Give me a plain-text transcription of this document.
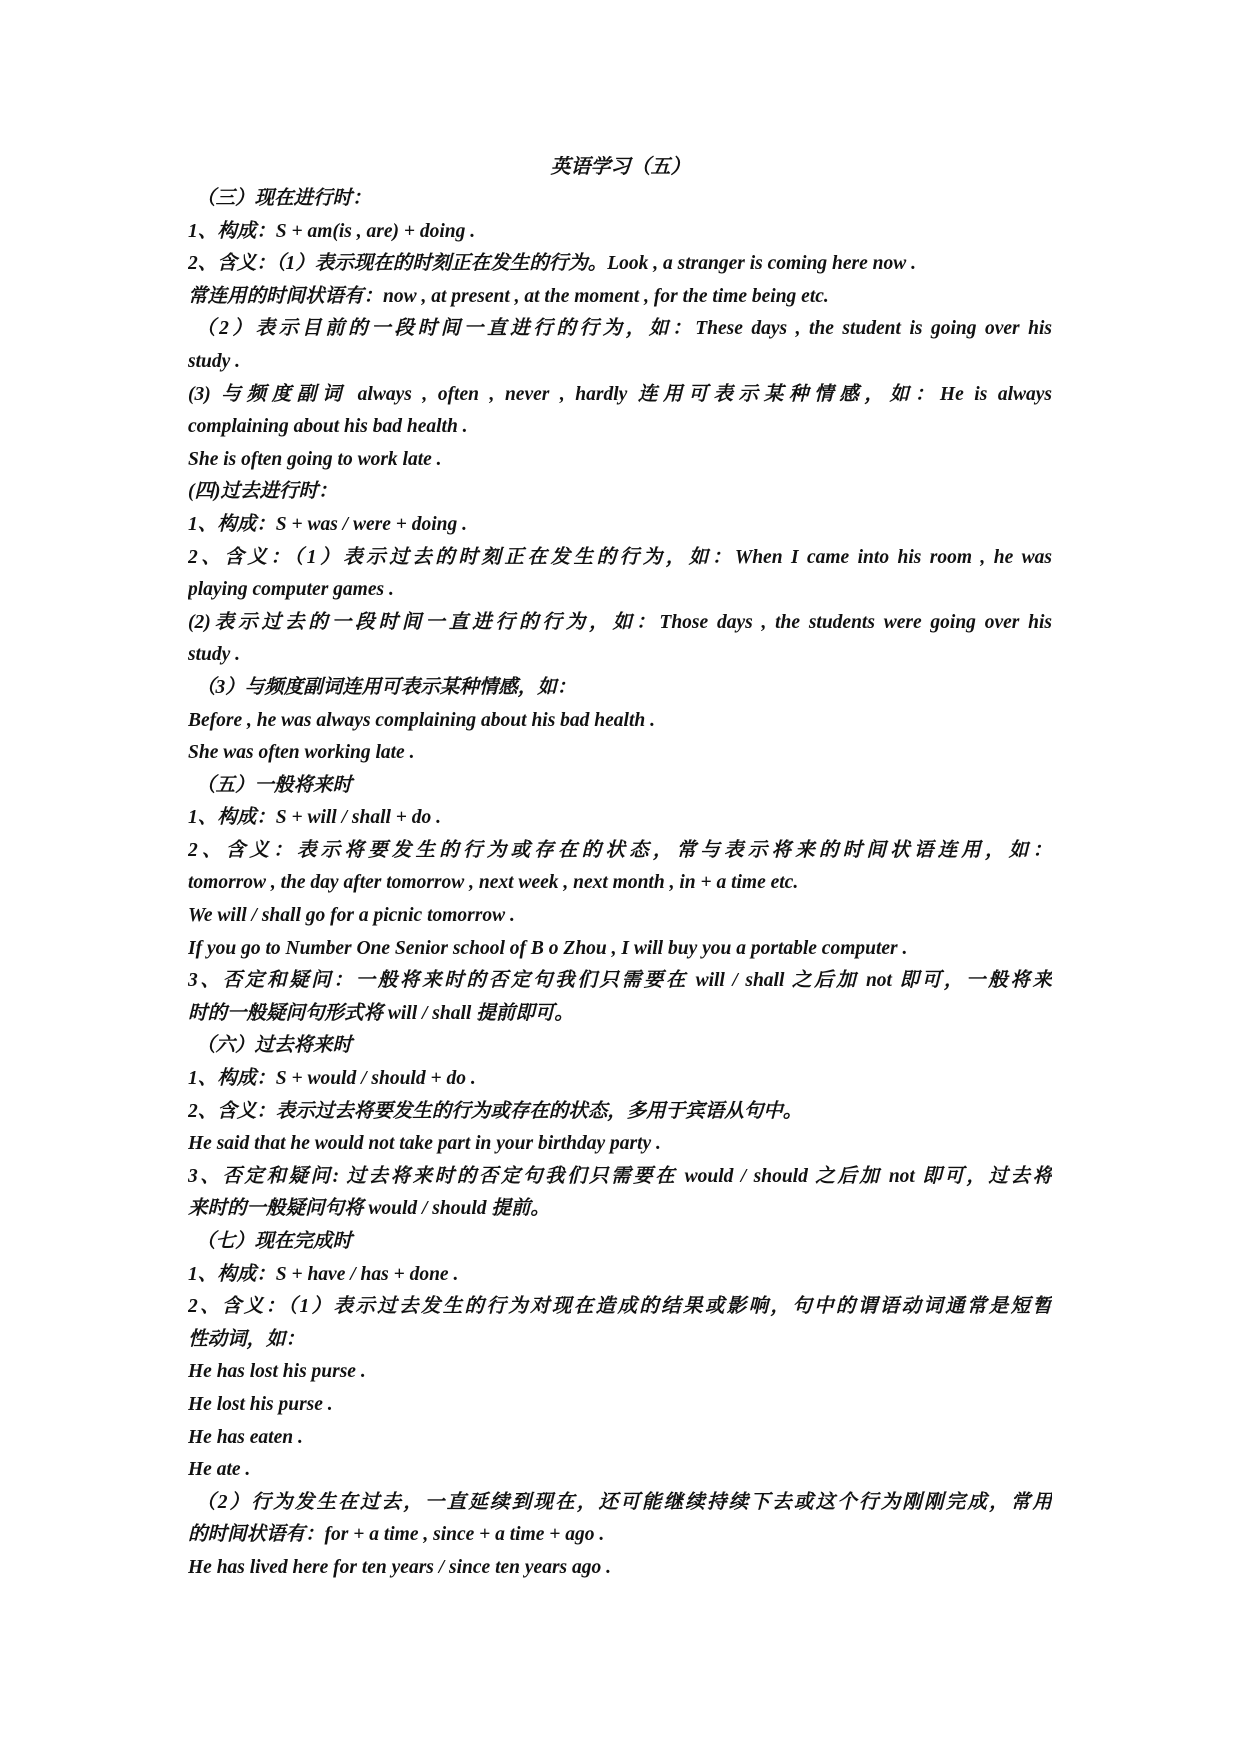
英语学习（五）
（三）现在进行时：
1、构成：S + am(is , are) + doing .
2、含义：（1）表示现在的时刻正在发生的行为。Look , a stranger is coming here now .
常连用的时间状语有：now , at present , at the moment , for the time being etc.
（2）表示目前的一段时间一直进行的行为，如：These days , the student is going over his
study .
(3) 与频度副词 always , often , never , hardly 连用可表示某种情感，如：He is always
complaining about his bad health .
She is often going to work late .
(四)过去进行时：
1、构成：S + was / were + doing .
2、含义：（1）表示过去的时刻正在发生的行为，如：When I came into his room , he was
playing computer games .
(2)表示过去的一段时间一直进行的行为，如：Those days , the students were going over his
study .
（3）与频度副词连用可表示某种情感，如：
Before , he was always complaining about his bad health .
She was often working late .
（五）一般将来时
1、构成：S + will / shall + do .
2、含义：表示将要发生的行为或存在的状态，常与表示将来的时间状语连用，如：
tomorrow , the day after tomorrow , next week , next month , in + a time etc.
We will / shall go for a picnic tomorrow .
If you go to Number One Senior school of B o Zhou , I will buy you a portable computer .
3、否定和疑问：一般将来时的否定句我们只需要在 will / shall 之后加 not 即可，一般将来
时的一般疑问句形式将 will / shall 提前即可。
（六）过去将来时
1、构成：S + would / should + do .
2、含义：表示过去将要发生的行为或存在的状态，多用于宾语从句中。
He said that he would not take part in your birthday party .
3、否定和疑问: 过去将来时的否定句我们只需要在 would / should 之后加 not 即可，过去将
来时的一般疑问句将 would / should 提前。
（七）现在完成时
1、构成：S + have / has + done .
2、含义：（1）表示过去发生的行为对现在造成的结果或影响，句中的谓语动词通常是短暂
性动词，如：
He has lost his purse .
He lost his purse .
He has eaten .
He ate .
（2）行为发生在过去，一直延续到现在，还可能继续持续下去或这个行为刚刚完成，常用
的时间状语有：for + a time , since + a time + ago .
He has lived here for ten years / since ten years ago .
